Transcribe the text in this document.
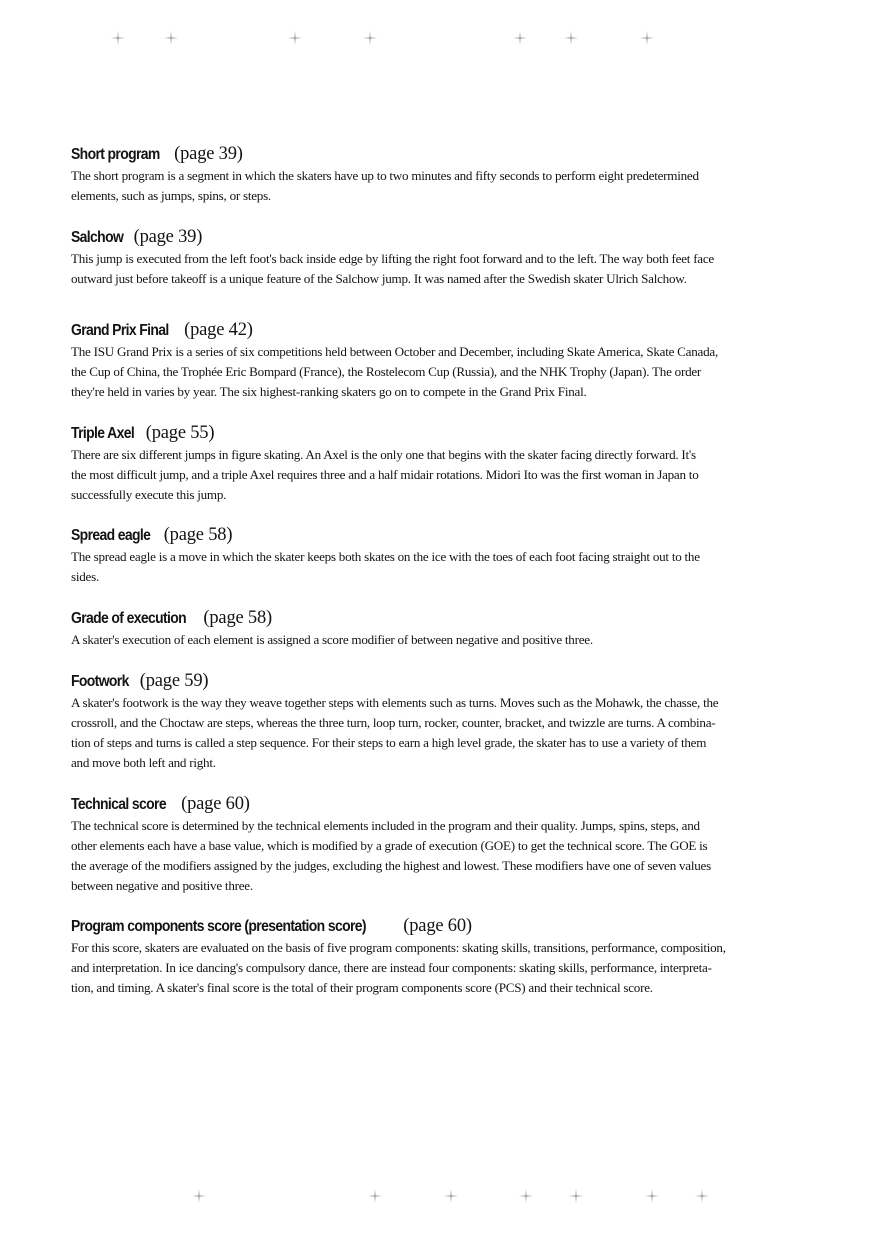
Short program (page 39)

The short program is a segment in which the skaters have up to two minutes and fifty seconds to perform eight predetermined
elements, such as jumps, spins, or steps.

Salchow (page 39)

This jump is executed from the left foot's back inside edge by lifting the right foot forward and to the left. The way both feet face
outward just before takeoff is a unique feature of the Salchow jump. It was named after the Swedish skater Ulrich Salchow.

Grand Prix Final (page 42)

The ISU Grand Prix is a series of six competitions held between October and December, including Skate America, Skate Canada,
the Cup of China, the Trophée Eric Bompard (France), the Rostelecom Cup (Russia), and the NHK Trophy (Japan). The order
they're held in varies by year. The six highest-ranking skaters go on to compete in the Grand Prix Final.

Triple Axel (page 55)

There are six different jumps in figure skating. An Axel is the only one that begins with the skater facing directly forward. It's
the most difficult jump, and a triple Axel requires three and a half midair rotations. Midori Ito was the first woman in Japan to
successfully execute this jump.

Spread eagle (page 58)

The spread eagle is a move in which the skater keeps both skates on the ice with the toes of each foot facing straight out to the
sides.

Grade of execution (page 58)

A skater's execution of each element is assigned a score modifier of between negative and positive three.

Footwork (page 59)

A skater's footwork is the way they weave together steps with elements such as turns. Moves such as the Mohawk, the chasse, the
crossroll, and the Choctaw are steps, whereas the three turn, loop turn, rocker, counter, bracket, and twizzle are turns. A combina-
tion of steps and turns is called a step sequence. For their steps to earn a high level grade, the skater has to use a variety of them
and move both left and right.

Technical score (page 60)

The technical score is determined by the technical elements included in the program and their quality. Jumps, spins, steps, and
other elements each have a base value, which is modified by a grade of execution (GOE) to get the technical score. The GOE is
the average of the modifiers assigned by the judges, excluding the highest and lowest. These modifiers have one of seven values
between negative and positive three.

Program components score (presentation score) (page 60)

For this score, skaters are evaluated on the basis of five program components: skating skills, transitions, performance, composition,
and interpretation. In ice dancing's compulsory dance, there are instead four components: skating skills, performance, interpreta-
tion, and timing. A skater's final score is the total of their program components score (PCS) and their technical score.
